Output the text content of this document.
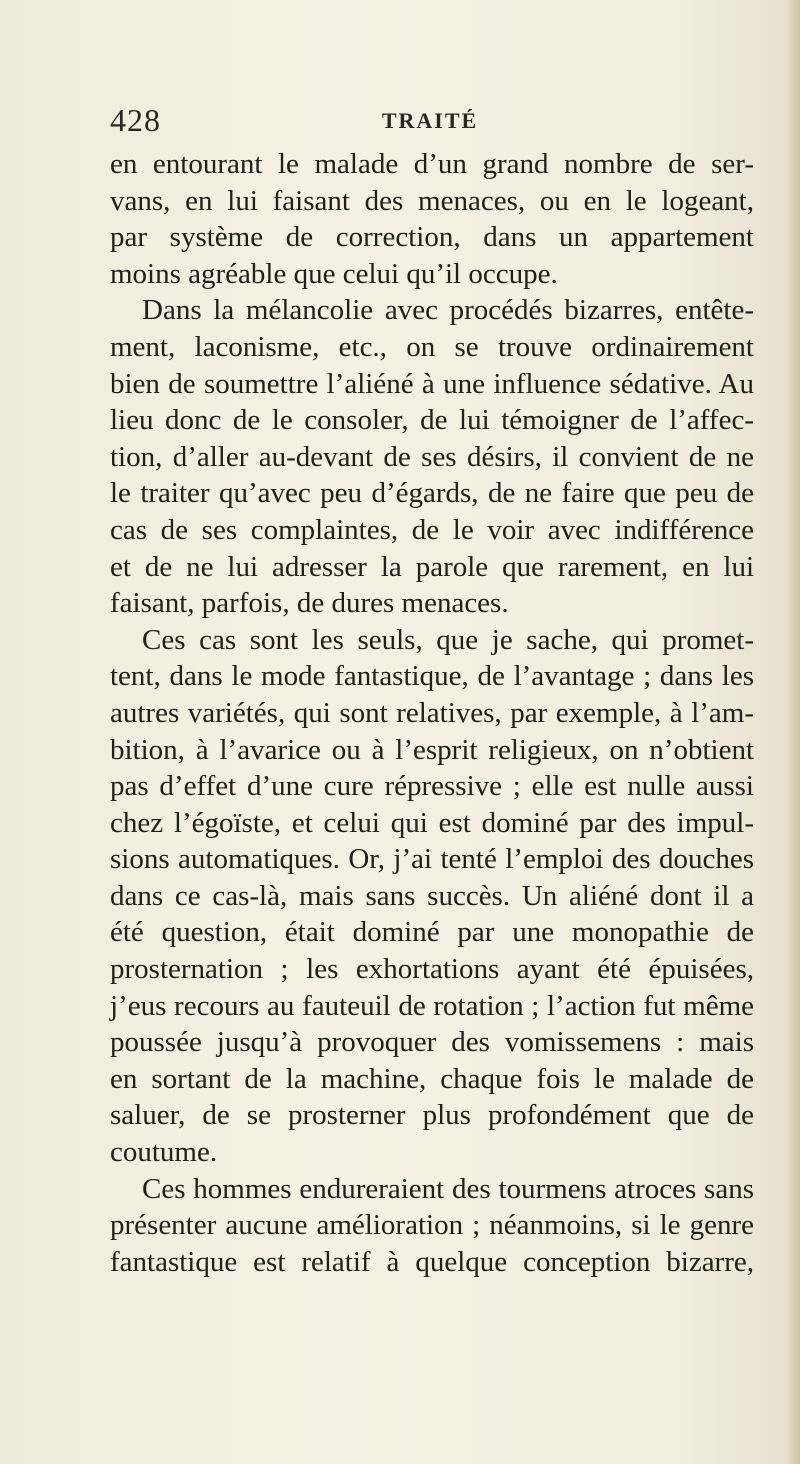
428	TRAITÉ
en entourant le malade d’un grand nombre de ser-
vans, en lui faisant des menaces, ou en le logeant,
par système de correction, dans un appartement
moins agréable que celui qu’il occupe.
Dans la mélancolie avec procédés bizarres, entête-
ment, laconisme, etc., on se trouve ordinairement
bien de soumettre l’aliéné à une influence sédative. Au
lieu donc de le consoler, de lui témoigner de l’affec-
tion, d’aller au-devant de ses désirs, il convient de ne
le traiter qu’avec peu d’égards, de ne faire que peu de
cas de ses complaintes, de le voir avec indifférence
et de ne lui adresser la parole que rarement, en lui
faisant, parfois, de dures menaces.
Ces cas sont les seuls, que je sache, qui promet-
tent, dans le mode fantastique, de l’avantage ; dans les
autres variétés, qui sont relatives, par exemple, à l’am-
bition, à l’avarice ou à l’esprit religieux, on n’obtient
pas d’effet d’une cure répressive ; elle est nulle aussi
chez l’égoïste, et celui qui est dominé par des impul-
sions automatiques. Or, j’ai tenté l’emploi des douches
dans ce cas-là, mais sans succès. Un aliéné dont il a
été question, était dominé par une monopathie de
prosternation ; les exhortations ayant été épuisées,
j’eus recours au fauteuil de rotation ; l’action fut même
poussée jusqu’à provoquer des vomissemens : mais
en sortant de la machine, chaque fois le malade de
saluer, de se prosterner plus profondément que de
coutume.
Ces hommes endureraient des tourmens atroces sans
présenter aucune amélioration ; néanmoins, si le genre
fantastique est relatif à quelque conception bizarre,
